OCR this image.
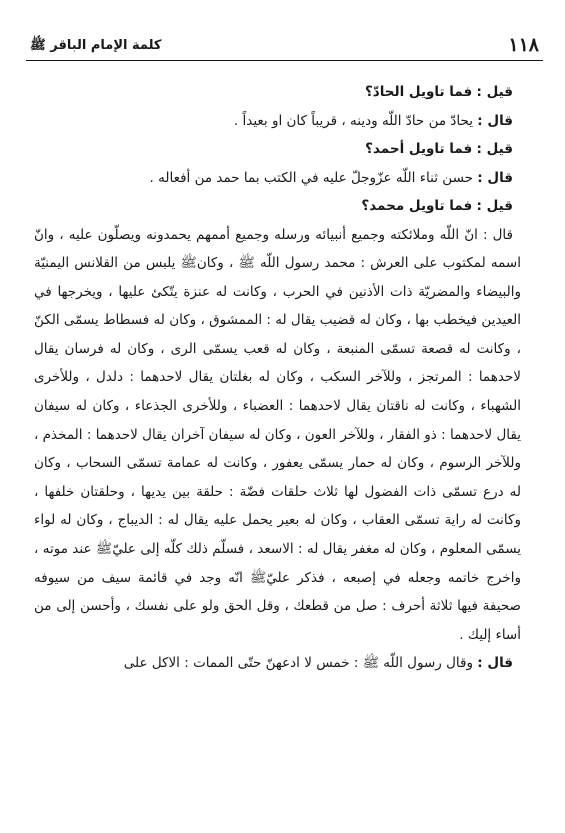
١١٨
كلمة الإمام الباقر ﷺ

قيل : فما تاويل الحادّ؟

قال : يحادّ من حادّ اللّه ودينه ، قريباً كان او بعيداً .

قيل : فما تاويل أحمد؟

قال : حسن ثناء اللّه عزّوجلّ عليه في الكتب بما حمد من أفعاله .

قيل : فما تاويل محمد؟

قال : انّ اللّه وملائكته وجميع أنبيائه ورسله وجميع أممهم يحمدونه ويصلّون عليه ، وانّ اسمه لمكتوب على العرش : محمد رسول اللّه ﷺ ، وكانﷺ يلبس من القلانس اليمنيّة والبيضاء والمضريّة ذات الأذنين في الحرب ، وكانت له عنزة يتّكئ عليها ، ويخرجها في العيدين فيخطب بها ، وكان له قضيب يقال له : الممشوق ، وكان له فسطاط يسمّى الكنّ ، وكانت له قصعة تسمّى المنبعة ، وكان له قعب يسمّى الرى ، وكان له فرسان يقال لاحدهما : المرتجز ، وللآخر السكب ، وكان له بغلتان يقال لاحدهما : دلدل ، وللأخرى الشهباء ، وكانت له ناقتان يقال لاحدهما : العضباء ، وللأخرى الجذعاء ، وكان له سيفان يقال لاحدهما : ذو الفقار ، وللآخر العون ، وكان له سيفان آخران يقال لاحدهما : المخذم ، وللآخر الرسوم ، وكان له حمار يسمّى يعفور ، وكانت له عمامة تسمّى السحاب ، وكان له درع تسمّى ذات الفضول لها ثلاث حلقات فضّة : حلقة بين يديها ، وحلقتان خلفها ، وكانت له راية تسمّى العقاب ، وكان له بعير يحمل عليه يقال له : الديباج ، وكان له لواء يسمّى المعلوم ، وكان له مغفر يقال له : الاسعد ، فسلّم ذلك كلّه إلى عليّﷺ عند موته ، واخرج خاتمه وجعله في إصبعه ، فذكر عليّﷺ انّه وجد في قائمة سيف من سيوفه صحيفة فيها ثلاثة أحرف : صل من قطعك ، وقل الحق ولو على نفسك ، وأحسن إلى من أساء إليك .

قال : وقال رسول اللّه ﷺ : خمس لا ادعهنّ حتّى الممات : الاكل على
